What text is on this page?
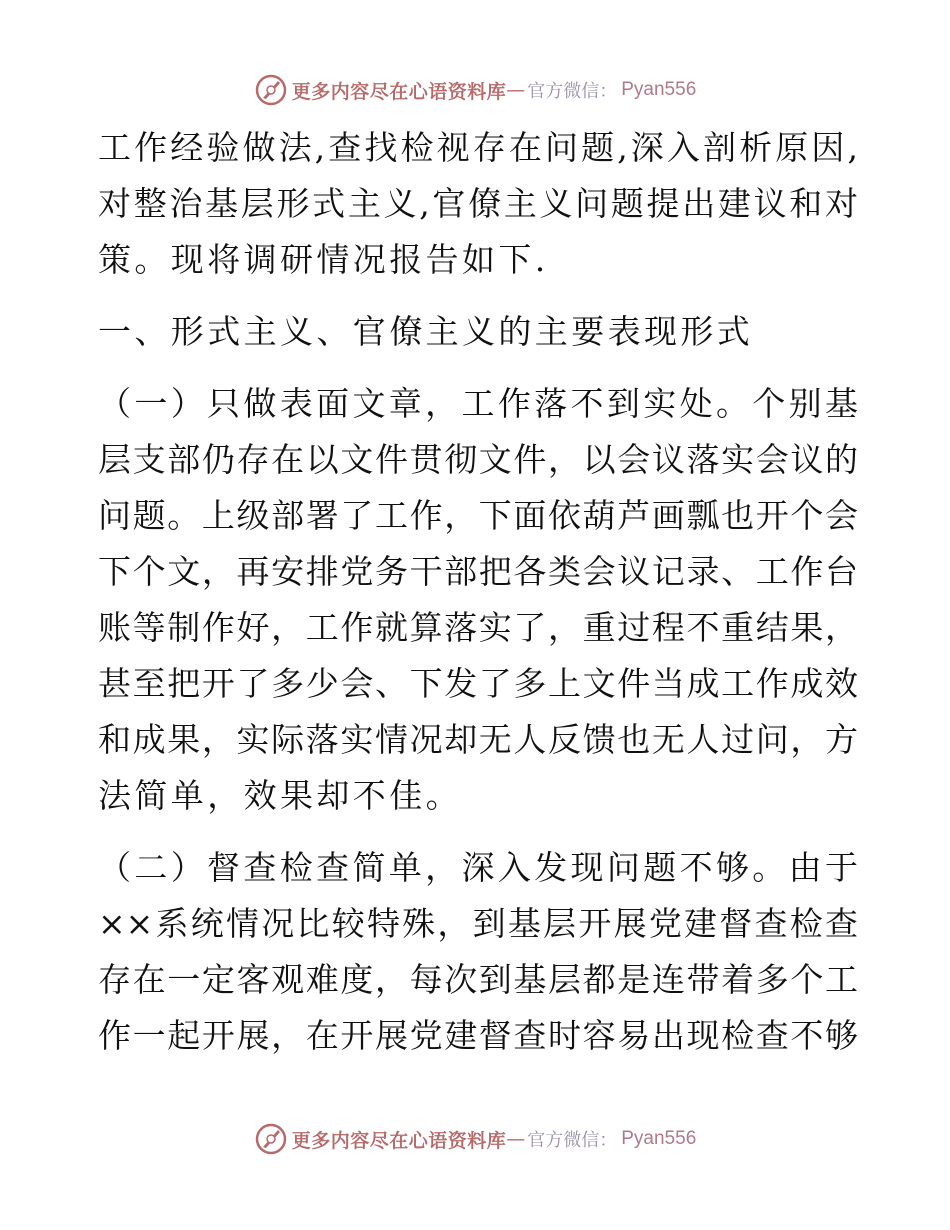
更多内容尽在心语资料库 — 官方微信： Pyan556
工作经验做法,查找检视存在问题,深入剖析原因,
对整治基层形式主义,官僚主义问题提出建议和对
策。现将调研情况报告如下.
一、形式主义、官僚主义的主要表现形式
（一）只做表面文章，工作落不到实处。个别基
层支部仍存在以文件贯彻文件，以会议落实会议的
问题。上级部署了工作，下面依葫芦画瓢也开个会
下个文，再安排党务干部把各类会议记录、工作台
账等制作好，工作就算落实了，重过程不重结果，
甚至把开了多少会、下发了多上文件当成工作成效
和成果，实际落实情况却无人反馈也无人过问，方
法简单，效果却不佳。
（二）督查检查简单，深入发现问题不够。由于
××系统情况比较特殊，到基层开展党建督查检查
存在一定客观难度，每次到基层都是连带着多个工
作一起开展，在开展党建督查时容易出现检查不够
更多内容尽在心语资料库 — 官方微信： Pyan556
